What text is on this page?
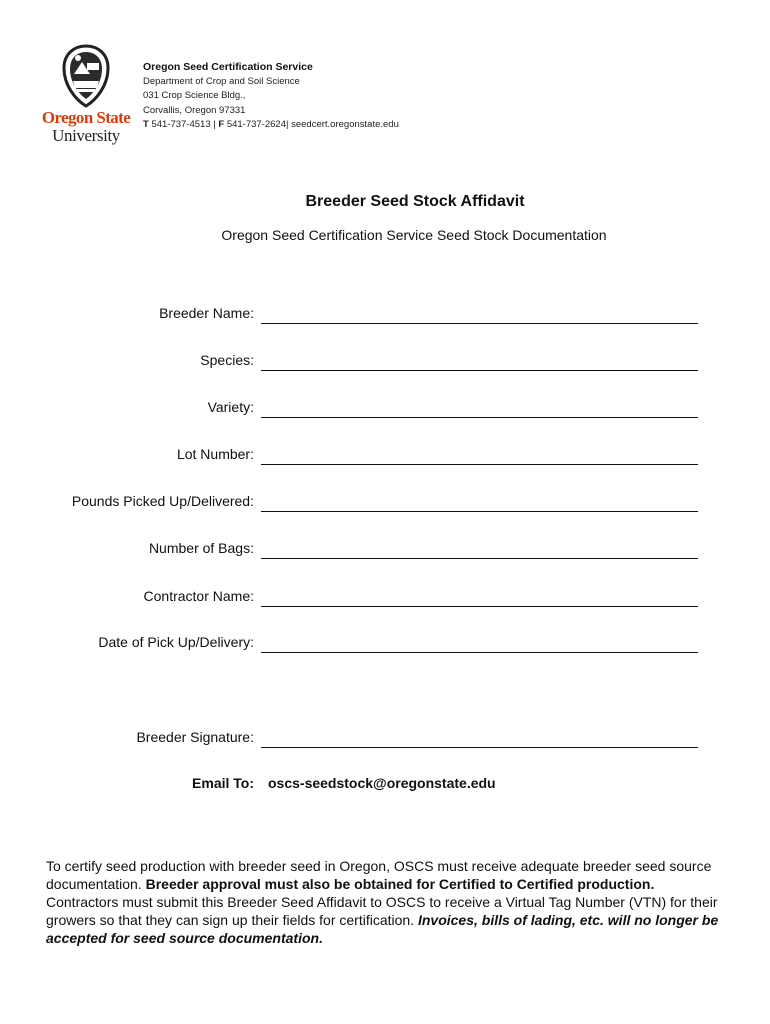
Oregon State
University
Oregon Seed Certification Service
Department of Crop and Soil Science
031 Crop Science Bldg.,
Corvallis, Oregon 97331
T 541-737-4513 | F 541-737-2624| seedcert.oregonstate.edu
Breeder Seed Stock Affidavit
Oregon Seed Certification Service Seed Stock Documentation
Breeder Name:
Species:
Variety:
Lot Number:
Pounds Picked Up/Delivered:
Number of Bags:
Contractor Name:
Date of Pick Up/Delivery:
Breeder Signature:
Email To: oscs-seedstock@oregonstate.edu
To certify seed production with breeder seed in Oregon, OSCS must receive adequate breeder seed source documentation. Breeder approval must also be obtained for Certified to Certified production. Contractors must submit this Breeder Seed Affidavit to OSCS to receive a Virtual Tag Number (VTN) for their growers so that they can sign up their fields for certification. Invoices, bills of lading, etc. will no longer be accepted for seed source documentation.
